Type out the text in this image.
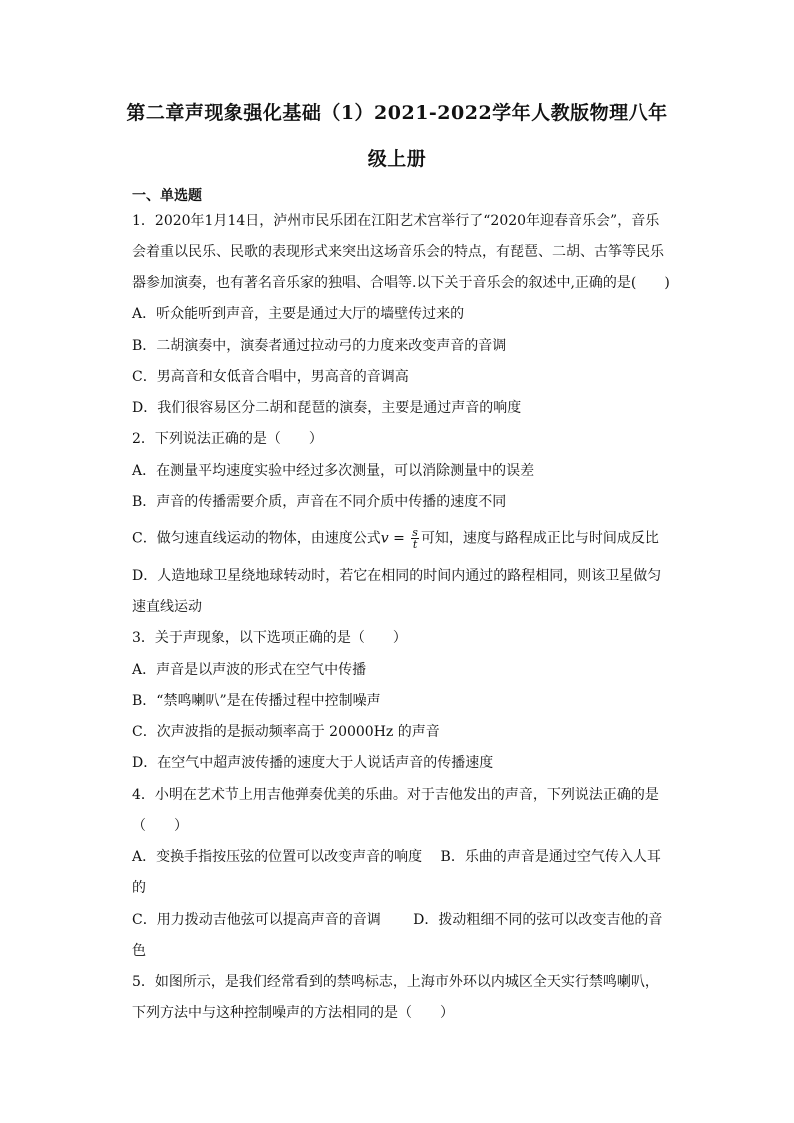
第二章声现象强化基础（1）2021-2022学年人教版物理八年
级上册
一、单选题
1．2020年1月14日，泸州市民乐团在江阳艺术宫举行了“2020年迎春音乐会”，音乐
会着重以民乐、民歌的表现形式来突出这场音乐会的特点，有琵琶、二胡、古筝等民乐
器参加演奏，也有著名音乐家的独唱、合唱等.以下关于音乐会的叙述中,正确的是(　　)
A．听众能听到声音，主要是通过大厅的墙壁传过来的
B．二胡演奏中，演奏者通过拉动弓的力度来改变声音的音调
C．男高音和女低音合唱中，男高音的音调高
D．我们很容易区分二胡和琵琶的演奏，主要是通过声音的响度
2．下列说法正确的是（　　）
A．在测量平均速度实验中经过多次测量，可以消除测量中的误差
B．声音的传播需要介质，声音在不同介质中传播的速度不同
C．做匀速直线运动的物体，由速度公式$v = \frac{s}{t}$ 可知，速度与路程成正比与时间成反比
D．人造地球卫星绕地球转动时，若它在相同的时间内通过的路程相同，则该卫星做匀
速直线运动
3．关于声现象，以下选项正确的是（　　）
A．声音是以声波的形式在空气中传播
B．“禁鸣喇叭”是在传播过程中控制噪声
C．次声波指的是振动频率高于 20000Hz 的声音
D．在空气中超声波传播的速度大于人说话声音的传播速度
4．小明在艺术节上用吉他弹奏优美的乐曲。对于吉他发出的声音，下列说法正确的是
（　　）
A．变换手指按压弦的位置可以改变声音的响度　 B．乐曲的声音是通过空气传入人耳
的
C．用力拨动吉他弦可以提高声音的音调　　 D．拨动粗细不同的弦可以改变吉他的音
色
5．如图所示，是我们经常看到的禁鸣标志，上海市外环以内城区全天实行禁鸣喇叭，
下列方法中与这种控制噪声的方法相同的是（　　）
